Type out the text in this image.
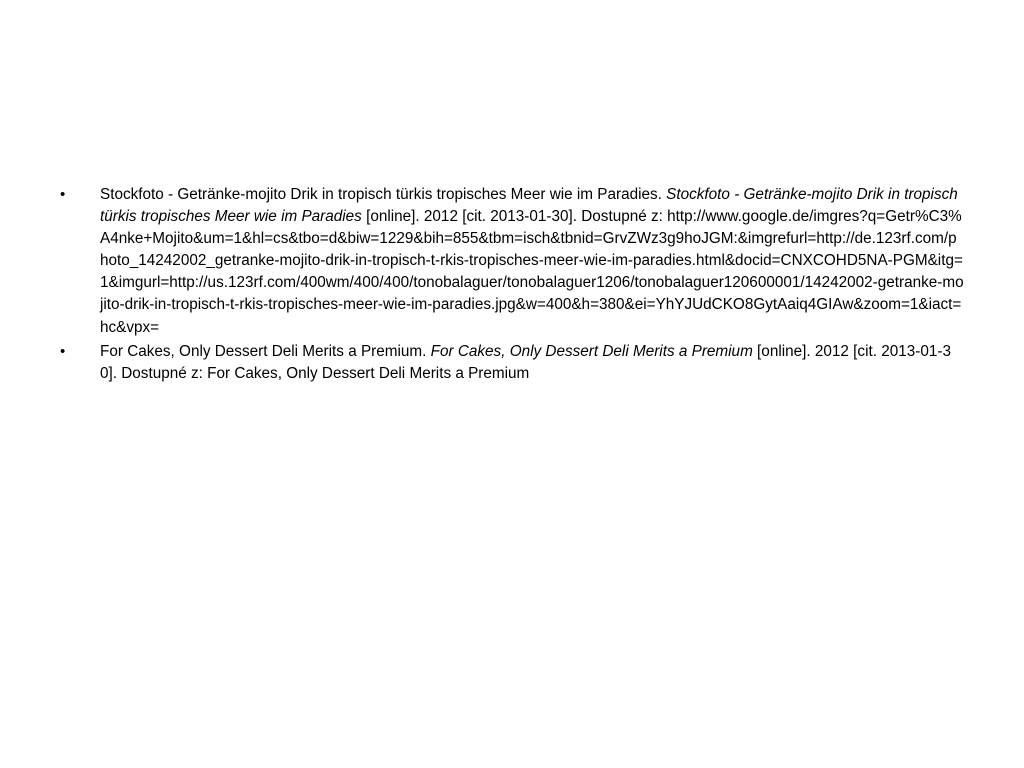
•	Stockfoto - Getränke-mojito Drik in tropisch türkis tropisches Meer wie im Paradies. Stockfoto - Getränke-mojito Drik in tropisch türkis tropisches Meer wie im Paradies [online]. 2012 [cit. 2013-01-30]. Dostupné z: http://www.google.de/imgres?q=Getr%C3%A4nke+Mojito&um=1&hl=cs&tbo=d&biw=1229&bih=855&tbm=isch&tbnid=GrvZWz3g9hoJGM:&imgrefurl=http://de.123rf.com/photo_14242002_getranke-mojito-drik-in-tropisch-t-rkis-tropisches-meer-wie-im-paradies.html&docid=CNXCOHD5NA-PGM&itg=1&imgurl=http://us.123rf.com/400wm/400/400/tonobalaguer/tonobalaguer1206/tonobalaguer120600001/14242002-getranke-mojito-drik-in-tropisch-t-rkis-tropisches-meer-wie-im-paradies.jpg&w=400&h=380&ei=YhYJUdCKO8GytAaiq4GIAw&zoom=1&iact=hc&vpx=
•	For Cakes, Only Dessert Deli Merits a Premium. For Cakes, Only Dessert Deli Merits a Premium [online]. 2012 [cit. 2013-01-30]. Dostupné z: For Cakes, Only Dessert Deli Merits a Premium
